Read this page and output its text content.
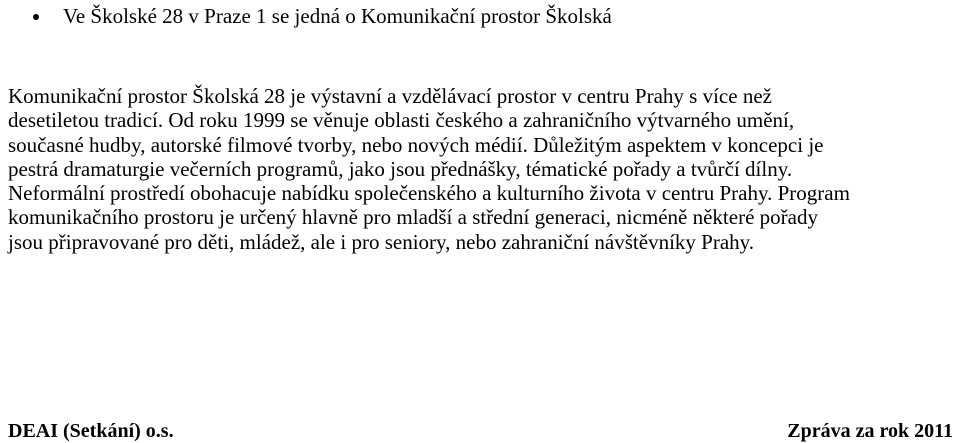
Ve Školské 28 v Praze 1 se jedná o Komunikační prostor Školská

Komunikační prostor Školská 28 je výstavní a vzdělávací prostor v centru Prahy s více než
desetiletou tradicí. Od roku 1999 se věnuje oblasti českého a zahraničního výtvarného umění,
současné hudby, autorské filmové tvorby, nebo nových médií. Důležitým aspektem v koncepci je
pestrá dramaturgie večerních programů, jako jsou přednášky, tématické pořady a tvůrčí dílny.
Neformální prostředí obohacuje nabídku společenského a kulturního života v centru Prahy. Program
komunikačního prostoru je určený hlavně pro mladší a střední generaci, nicméně některé pořady
jsou připravované pro děti, mládež, ale i pro seniory, nebo zahraniční návštěvníky Prahy.

DEAI (Setkání) o.s.	Zpráva za rok 2011
